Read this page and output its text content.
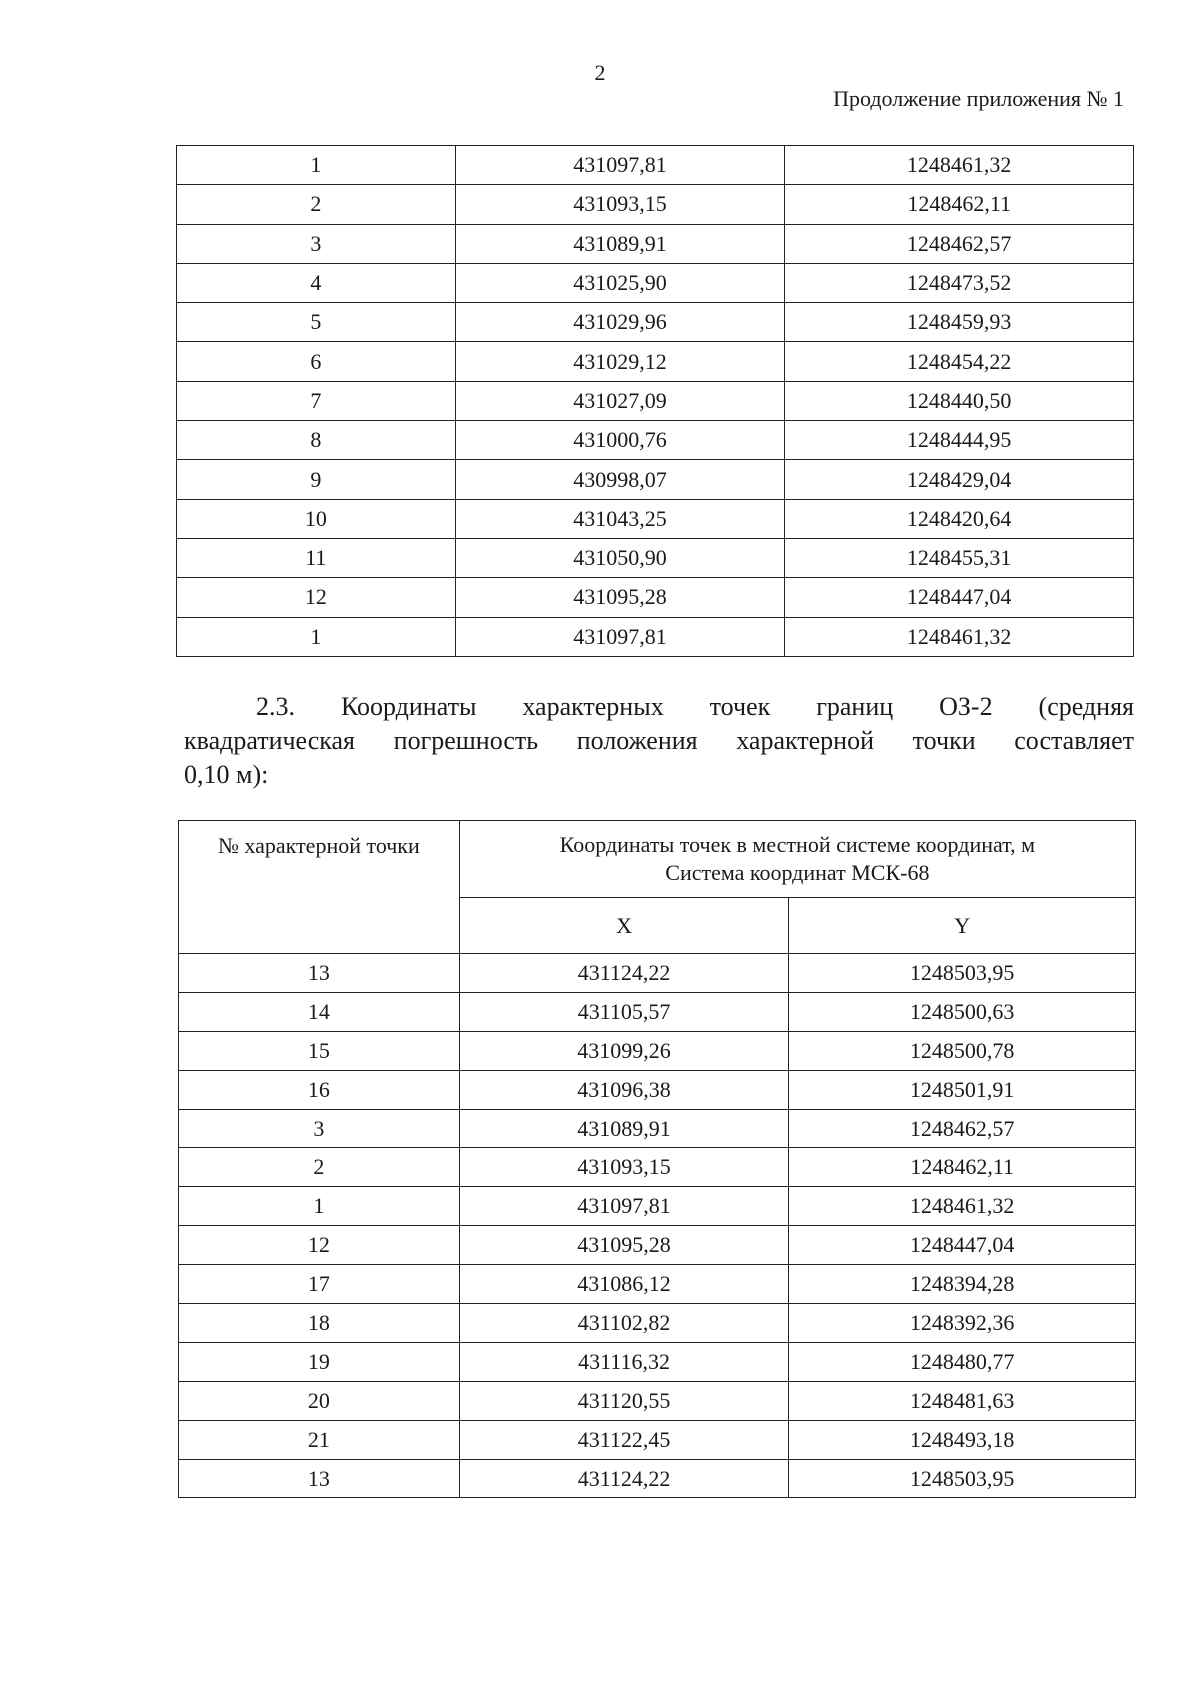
2
Продолжение приложения № 1
1	431097,81	1248461,32
2	431093,15	1248462,11
3	431089,91	1248462,57
4	431025,90	1248473,52
5	431029,96	1248459,93
6	431029,12	1248454,22
7	431027,09	1248440,50
8	431000,76	1248444,95
9	430998,07	1248429,04
10	431043,25	1248420,64
11	431050,90	1248455,31
12	431095,28	1248447,04
1	431097,81	1248461,32
2.3. Координаты характерных точек границ ОЗ-2 (средняя
квадратическая погрешность положения характерной точки составляет
0,10 м):
№ характерной точки	Координаты точек в местной системе координат, м
Система координат МСК-68	
	X	Y
13	431124,22	1248503,95
14	431105,57	1248500,63
15	431099,26	1248500,78
16	431096,38	1248501,91
3	431089,91	1248462,57
2	431093,15	1248462,11
1	431097,81	1248461,32
12	431095,28	1248447,04
17	431086,12	1248394,28
18	431102,82	1248392,36
19	431116,32	1248480,77
20	431120,55	1248481,63
21	431122,45	1248493,18
13	431124,22	1248503,95
